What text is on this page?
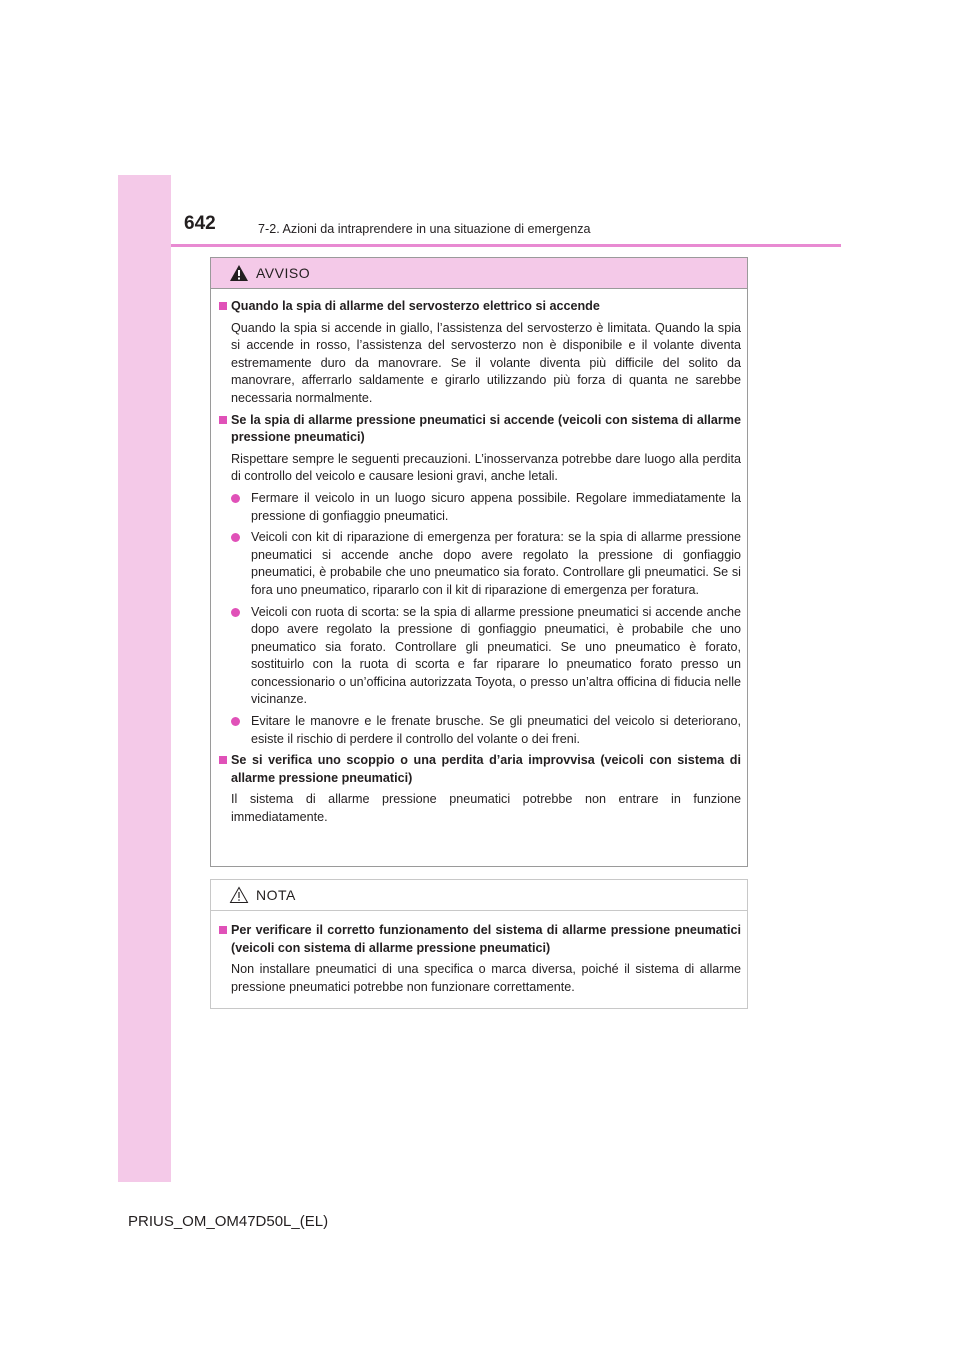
642	7-2. Azioni da intraprendere in una situazione di emergenza
AVVISO
Quando la spia di allarme del servosterzo elettrico si accende
Quando la spia si accende in giallo, l’assistenza del servosterzo è limitata. Quando la spia si accende in rosso, l’assistenza del servosterzo non è disponibile e il volante diventa estremamente duro da manovrare. Se il volante diventa più difficile del solito da manovrare, afferrarlo saldamente e girarlo utilizzando più forza di quanta ne sarebbe necessaria normalmente.
Se la spia di allarme pressione pneumatici si accende (veicoli con sistema di allarme pressione pneumatici)
Rispettare sempre le seguenti precauzioni. L’inosservanza potrebbe dare luogo alla perdita di controllo del veicolo e causare lesioni gravi, anche letali.
Fermare il veicolo in un luogo sicuro appena possibile. Regolare immediatamente la pressione di gonfiaggio pneumatici.
Veicoli con kit di riparazione di emergenza per foratura: se la spia di allarme pressione pneumatici si accende anche dopo avere regolato la pressione di gonfiaggio pneumatici, è probabile che uno pneumatico sia forato. Controllare gli pneumatici. Se si fora uno pneumatico, ripararlo con il kit di riparazione di emergenza per foratura.
Veicoli con ruota di scorta: se la spia di allarme pressione pneumatici si accende anche dopo avere regolato la pressione di gonfiaggio pneumatici, è probabile che uno pneumatico sia forato. Controllare gli pneumatici. Se uno pneumatico è forato, sostituirlo con la ruota di scorta e far riparare lo pneumatico forato presso un concessionario o un’officina autorizzata Toyota, o presso un’altra officina di fiducia nelle vicinanze.
Evitare le manovre e le frenate brusche. Se gli pneumatici del veicolo si deteriorano, esiste il rischio di perdere il controllo del volante o dei freni.
Se si verifica uno scoppio o una perdita d’aria improvvisa (veicoli con sistema di allarme pressione pneumatici)
Il sistema di allarme pressione pneumatici potrebbe non entrare in funzione immediatamente.
NOTA
Per verificare il corretto funzionamento del sistema di allarme pressione pneumatici (veicoli con sistema di allarme pressione pneumatici)
Non installare pneumatici di una specifica o marca diversa, poiché il sistema di allarme pressione pneumatici potrebbe non funzionare correttamente.
PRIUS_OM_OM47D50L_(EL)
